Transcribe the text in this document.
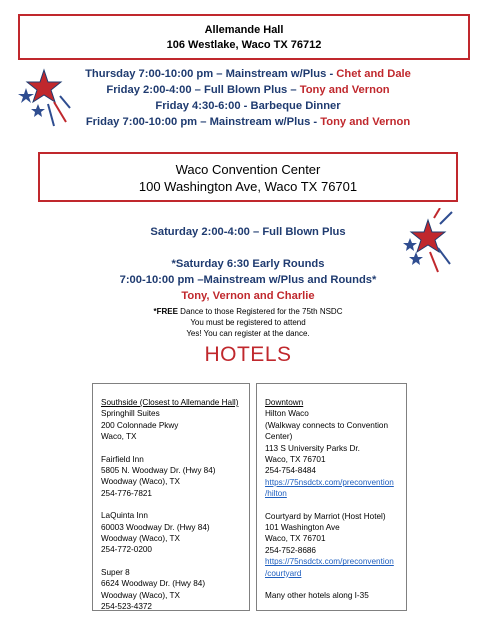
Allemande Hall
106 Westlake, Waco TX 76712
Thursday 7:00-10:00 pm – Mainstream w/Plus - Chet and Dale
Friday 2:00-4:00 – Full Blown Plus – Tony and Vernon
Friday 4:30-6:00 - Barbeque Dinner
Friday 7:00-10:00 pm – Mainstream w/Plus - Tony and Vernon
Waco Convention Center
100 Washington Ave, Waco TX 76701
Saturday 2:00-4:00 – Full Blown Plus
*Saturday 6:30 Early Rounds
7:00-10:00 pm –Mainstream w/Plus and Rounds*
Tony, Vernon and Charlie
*FREE Dance to those Registered for the 75th NSDC
You must be registered to attend
Yes! You can register at the dance.
HOTELS
Southside (Closest to Allemande Hall)
Springhill Suites
200 Colonnade Pkwy
Waco, TX
Fairfield Inn
5805 N. Woodway Dr. (Hwy 84)
Woodway (Waco), TX
254-776-7821
LaQuinta Inn
60003 Woodway Dr. (Hwy 84)
Woodway (Waco), TX
254-772-0200
Super 8
6624 Woodway Dr. (Hwy 84)
Woodway (Waco), TX
254-523-4372
Downtown
Hilton Waco
(Walkway connects to Convention
Center)
113 S University Parks Dr.
Waco, TX 76701
254-754-8484
https://75nsdctx.com/preconvention
/hilton
Courtyard by Marriot (Host Hotel)
101 Washington Ave
Waco, TX 76701
254-752-8686
https://75nsdctx.com/preconvention
/courtyard
Many other hotels along I-35
